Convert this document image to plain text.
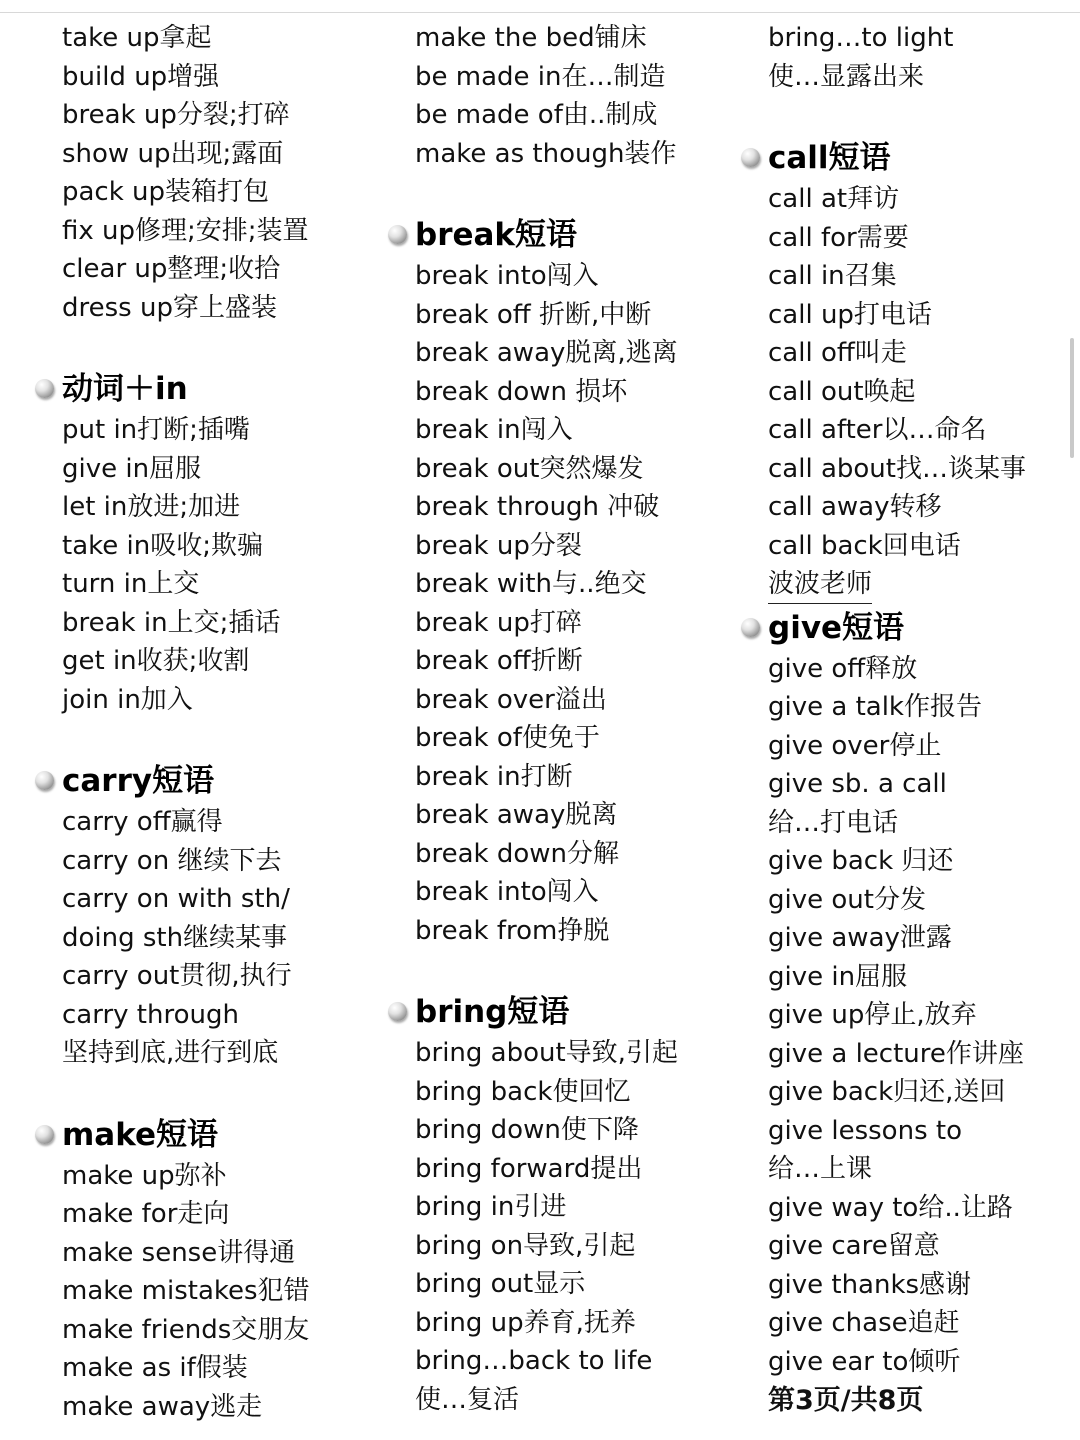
take up拿起
build up增强
break up分裂;打碎
show up出现;露面
pack up装箱打包
fix up修理;安排;装置
clear up整理;收拾
dress up穿上盛装
动词＋in
put in打断;插嘴
give in屈服
let in放进;加进
take in吸收;欺骗
turn in上交
break in上交;插话
get in收获;收割
join in加入
carry短语
carry off赢得
carry on 继续下去
carry on with sth/
doing sth继续某事
carry out贯彻,执行
carry through
坚持到底,进行到底
make短语
make up弥补
make for走向
make sense讲得通
make mistakes犯错
make friends交朋友
make as if假装
make away逃走
make the bed铺床
be made in在…制造
be made of由..制成
make as though装作
break短语
break into闯入
break off 折断,中断
break away脱离,逃离
break down 损坏
break in闯入
break out突然爆发
break through 冲破
break up分裂
break with与..绝交
break up打碎
break off折断
break over溢出
break of使免于
break in打断
break away脱离
break down分解
break into闯入
break from挣脱
bring短语
bring about导致,引起
bring back使回忆
bring down使下降
bring forward提出
bring in引进
bring on导致,引起
bring out显示
bring up养育,抚养
bring…back to life
使…复活
bring…to light
使…显露出来
call短语
call at拜访
call for需要
call in召集
call up打电话
call off叫走
call out唤起
call after以…命名
call about找…谈某事
call away转移
call back回电话
波波老师
give短语
give off释放
give a talk作报告
give over停止
give sb. a call
给…打电话
give back 归还
give out分发
give away泄露
give in屈服
give up停止,放弃
give a lecture作讲座
give back归还,送回
give lessons to
给…上课
give way to给..让路
give care留意
give thanks感谢
give chase追赶
give ear to倾听
第3页/共8页
